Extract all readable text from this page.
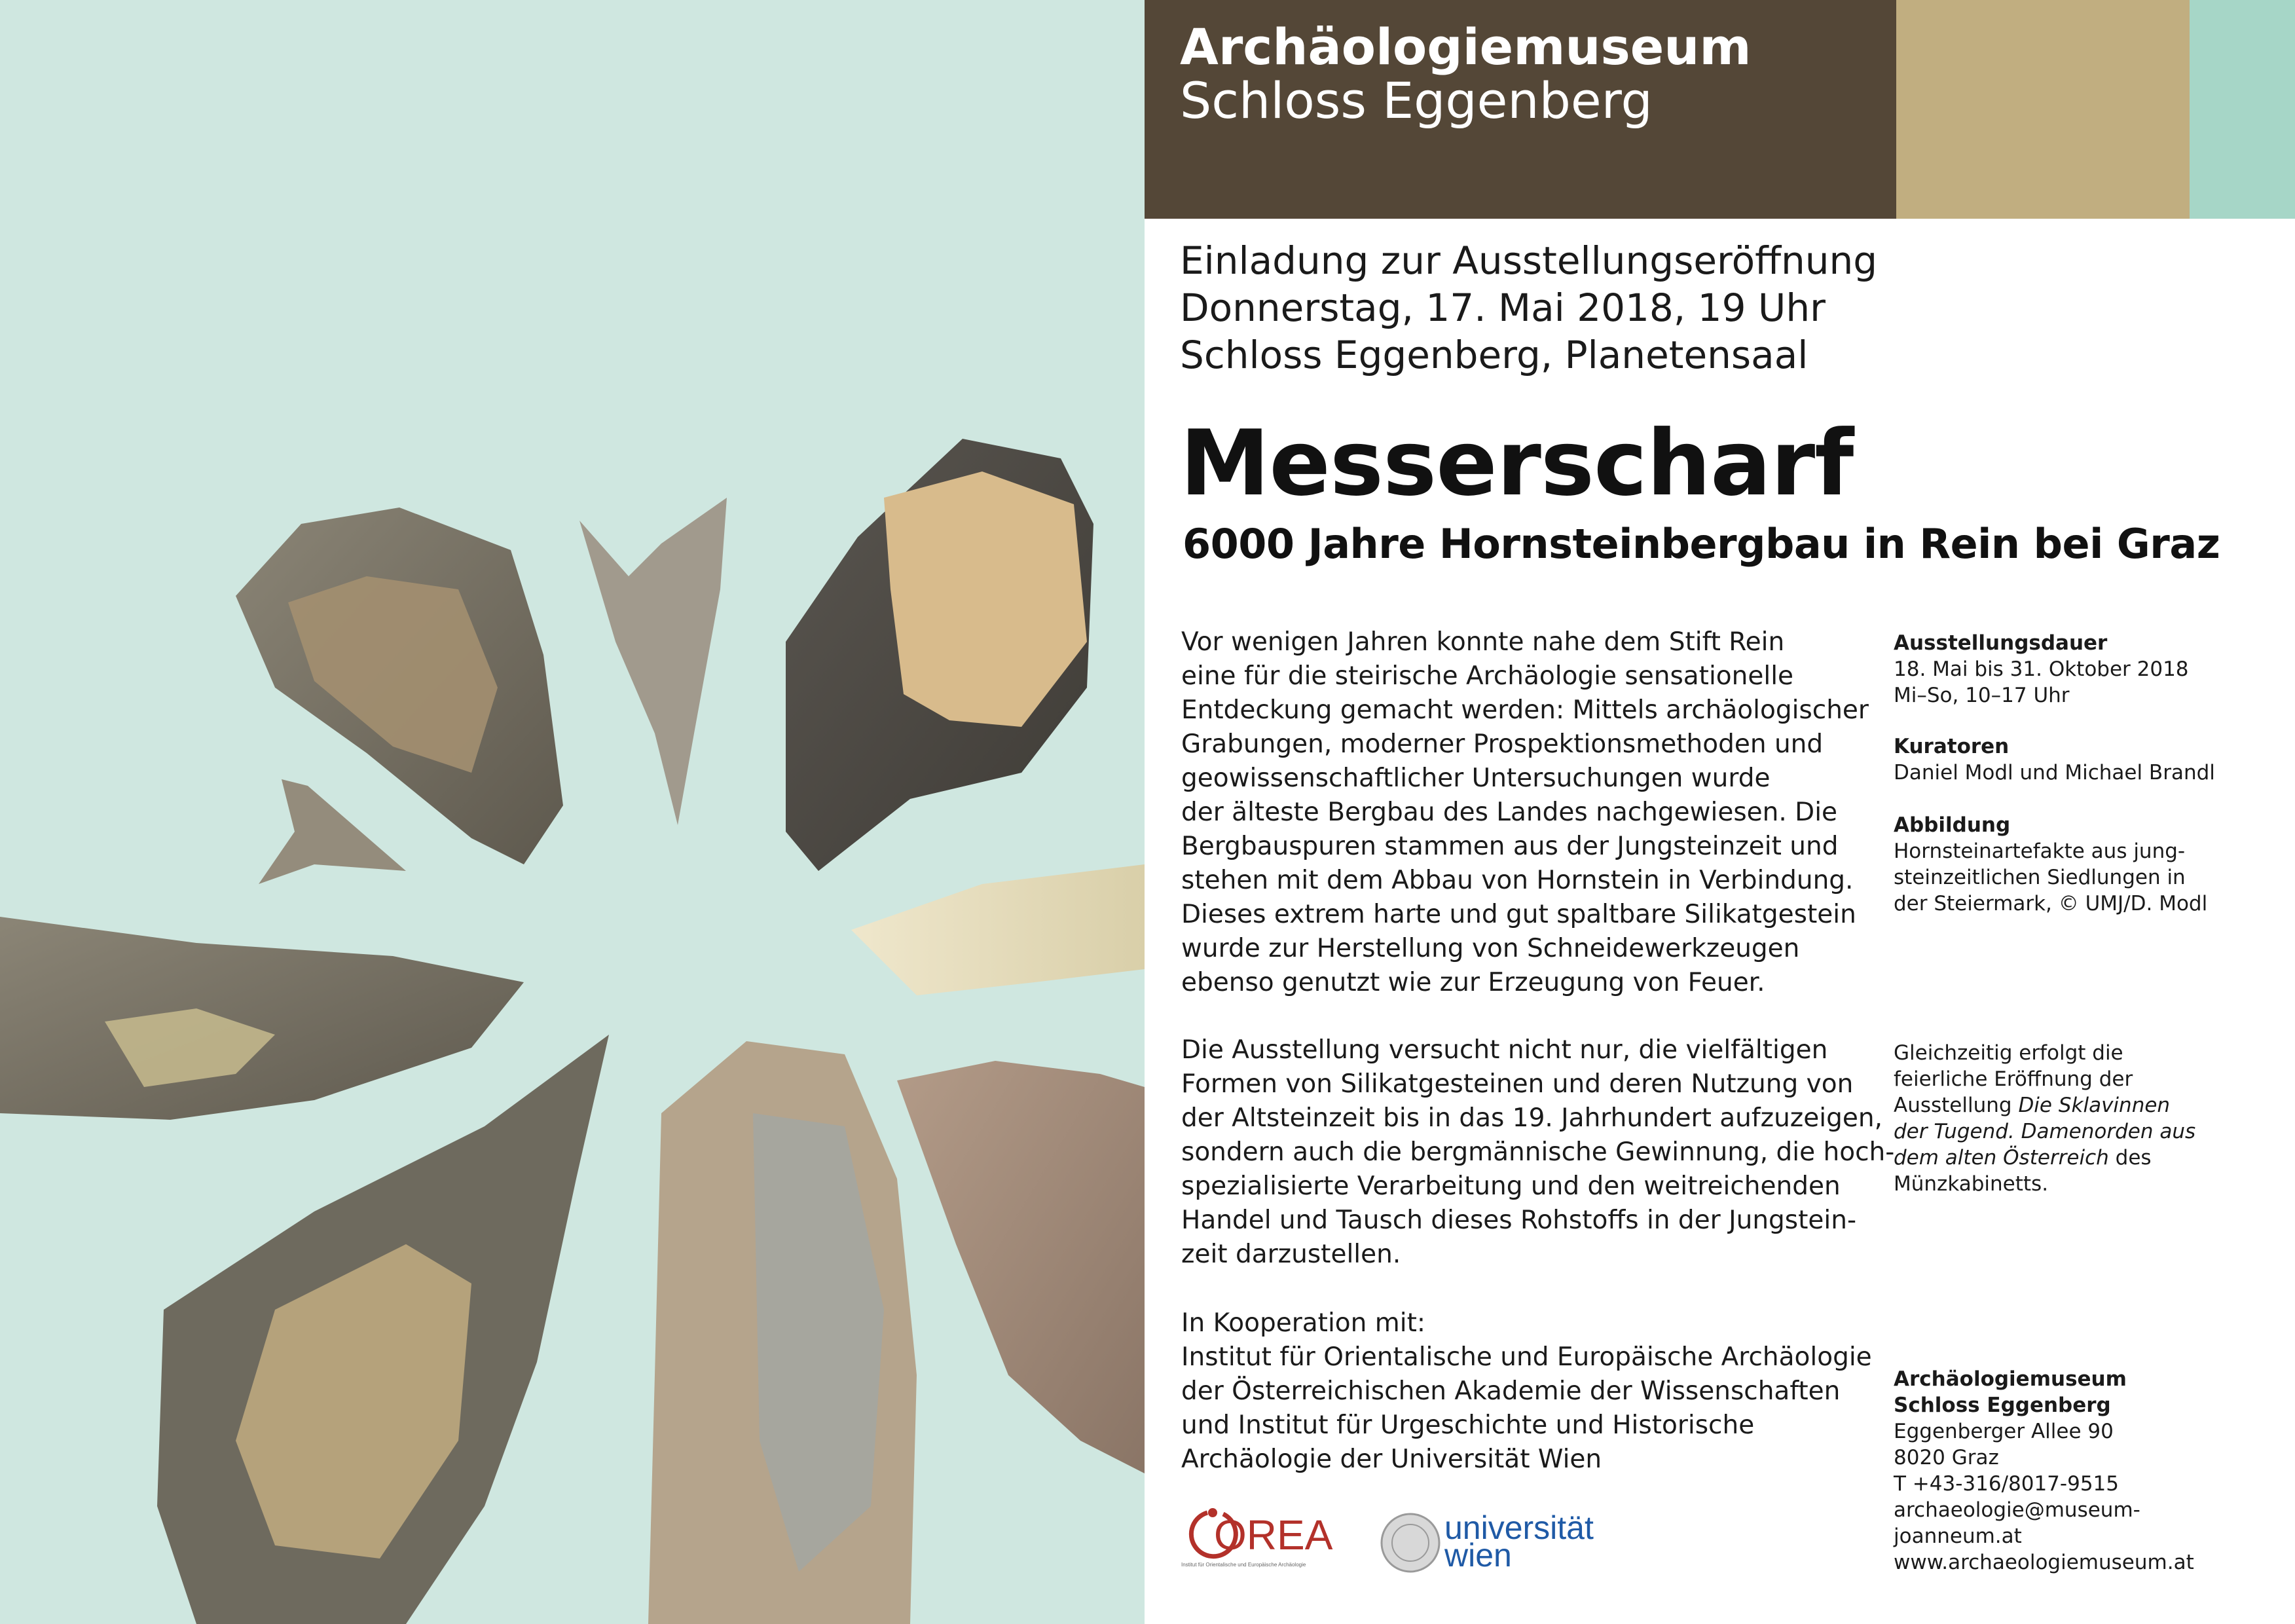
Archäologiemuseum
Schloss Eggenberg
Einladung zur Ausstellungseröffnung
Donnerstag, 17. Mai 2018, 19 Uhr
Schloss Eggenberg, Planetensaal
Messerscharf
6000 Jahre Hornsteinbergbau in Rein bei Graz
Vor wenigen Jahren konnte nahe dem Stift Rein
eine für die steirische Archäologie sensationelle
Entdeckung gemacht werden: Mittels archäologischer
Grabungen, moderner Prospektionsmethoden und
geowissenschaftlicher Untersuchungen wurde
der älteste Bergbau des Landes nachgewiesen. Die
Bergbauspuren stammen aus der Jungsteinzeit und
stehen mit dem Abbau von Hornstein in Verbindung.
Dieses extrem harte und gut spaltbare Silikatgestein
wurde zur Herstellung von Schneidewerkzeugen
ebenso genutzt wie zur Erzeugung von Feuer.
Die Ausstellung versucht nicht nur, die vielfältigen
Formen von Silikatgesteinen und deren Nutzung von
der Altsteinzeit bis in das 19. Jahrhundert aufzuzeigen,
sondern auch die bergmännische Gewinnung, die hoch-
spezialisierte Verarbeitung und den weitreichenden
Handel und Tausch dieses Rohstoffs in der Jungstein-
zeit darzustellen.
In Kooperation mit:
Institut für Orientalische und Europäische Archäologie
der Österreichischen Akademie der Wissenschaften
und Institut für Urgeschichte und Historische
Archäologie der Universität Wien
OREA
Institut für Orientalische und Europäische Archäologie
universität
wien
Ausstellungsdauer
18. Mai bis 31. Oktober 2018
Mi–So, 10–17 Uhr
Kuratoren
Daniel Modl und Michael Brandl
Abbildung
Hornsteinartefakte aus jung-
steinzeitlichen Siedlungen in
der Steiermark, © UMJ/D. Modl
Gleichzeitig erfolgt die
feierliche Eröffnung der
Ausstellung Die Sklavinnen
der Tugend. Damenorden aus
dem alten Österreich des
Münzkabinetts.
Archäologiemuseum
Schloss Eggenberg
Eggenberger Allee 90
8020 Graz
T +43-316/8017-9515
archaeologie@museum-
joanneum.at
www.archaeologiemuseum.at
